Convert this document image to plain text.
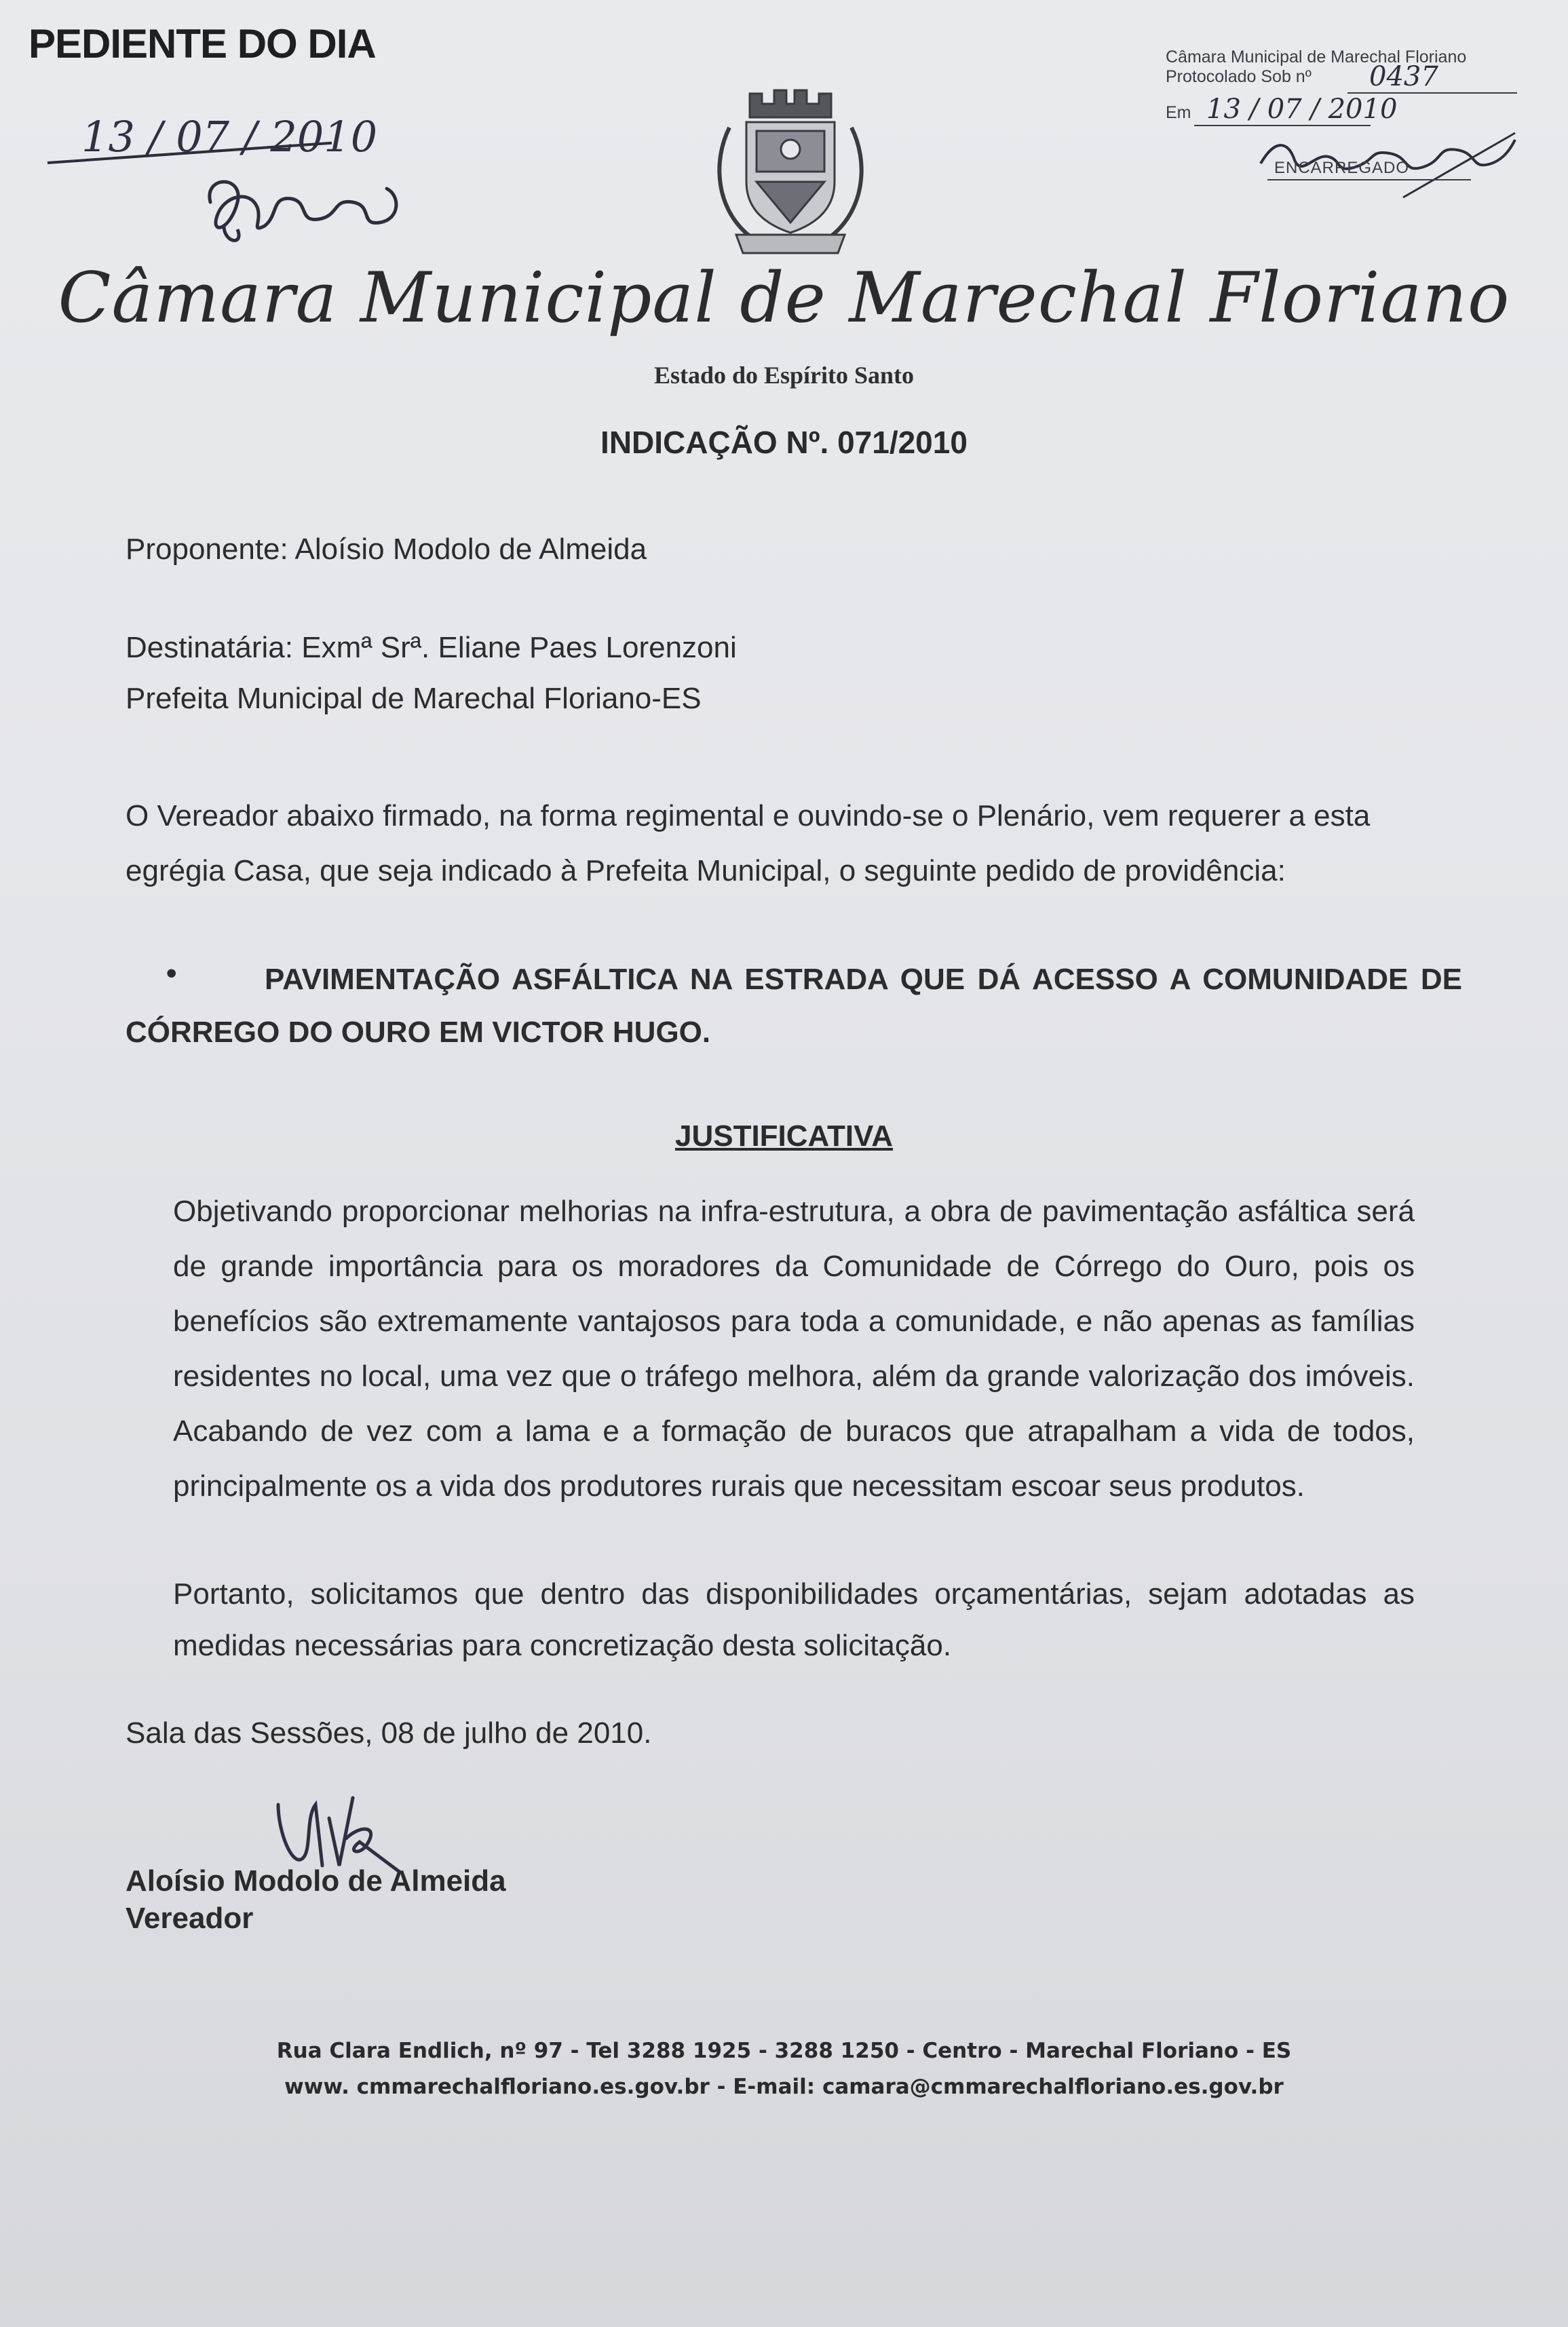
PEDIENTE DO DIA
13 / 07 / 2010
Câmara Municipal de Marechal Floriano
Protocolado Sob nº 0437
Em 13 / 07 / 2010
ENCARREGADO
Câmara Municipal de Marechal Floriano
Estado do Espírito Santo
INDICAÇÃO Nº. 071/2010
Proponente: Aloísio Modolo de Almeida
Destinatária: Exmª Srª. Eliane Paes Lorenzoni
Prefeita Municipal de Marechal Floriano-ES
O Vereador abaixo firmado, na forma regimental e ouvindo-se o Plenário, vem requerer a esta egrégia Casa, que seja indicado à Prefeita Municipal, o seguinte pedido de providência:
•	PAVIMENTAÇÃO ASFÁLTICA NA ESTRADA QUE DÁ ACESSO A COMUNIDADE DE CÓRREGO DO OURO EM VICTOR HUGO.
JUSTIFICATIVA
Objetivando proporcionar melhorias na infra-estrutura, a obra de pavimentação asfáltica será de grande importância para os moradores da Comunidade de Córrego do Ouro, pois os benefícios são extremamente vantajosos para toda a comunidade, e não apenas as famílias residentes no local, uma vez que o tráfego melhora, além da grande valorização dos imóveis. Acabando de vez com a lama e a formação de buracos que atrapalham a vida de todos, principalmente os a vida dos produtores rurais que necessitam escoar seus produtos.
Portanto, solicitamos que dentro das disponibilidades orçamentárias, sejam adotadas as medidas necessárias para concretização desta solicitação.
Sala das Sessões, 08 de julho de 2010.
Aloísio Modolo de Almeida
Vereador
Rua Clara Endlich, nº 97 - Tel 3288 1925 - 3288 1250 - Centro - Marechal Floriano - ES
www. cmmarechalfloriano.es.gov.br - E-mail: camara@cmmarechalfloriano.es.gov.br
